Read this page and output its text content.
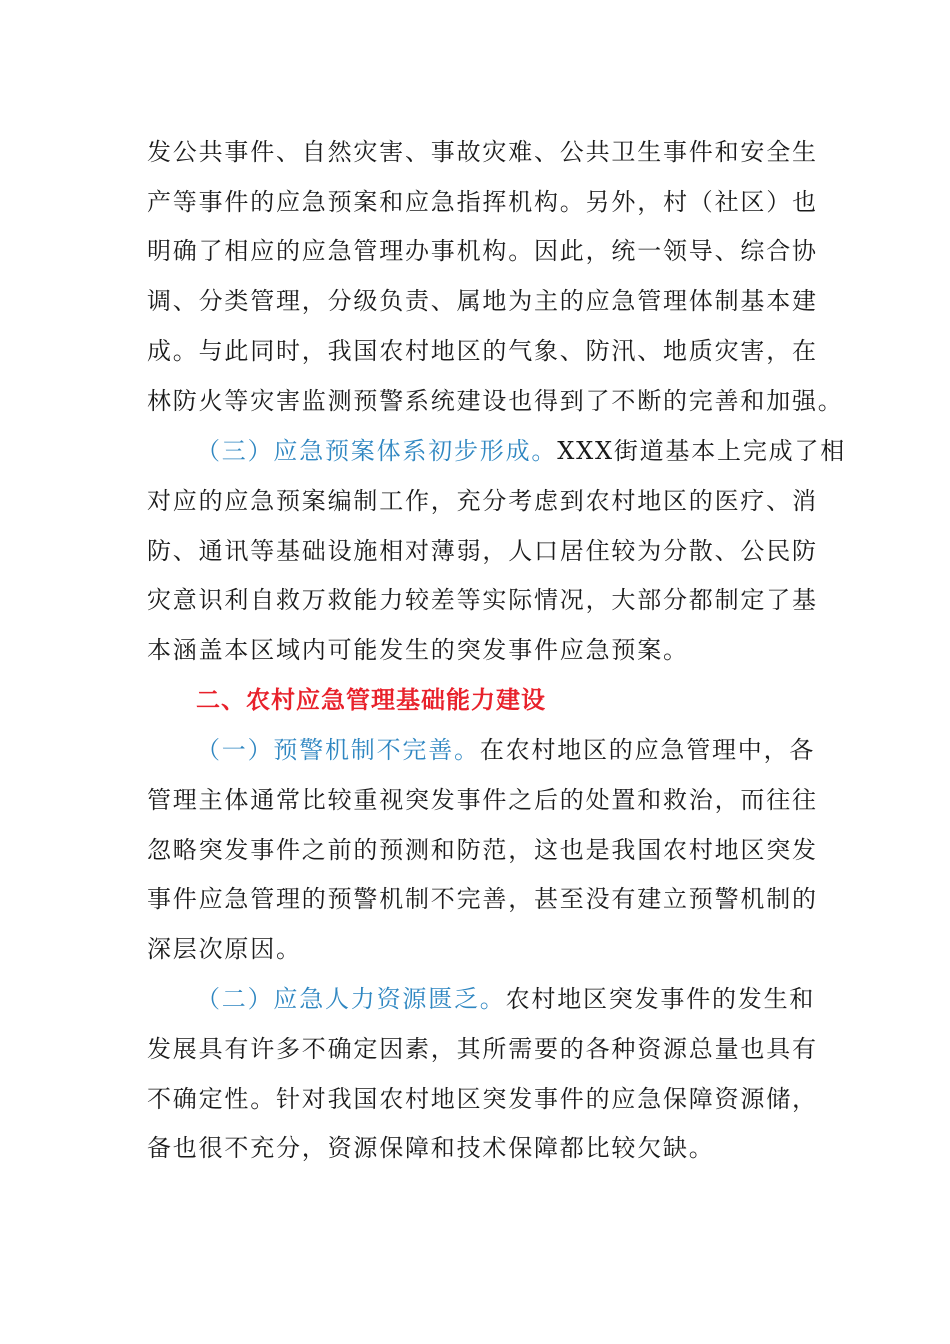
发公共事件、自然灾害、事故灾难、公共卫生事件和安全生
产等事件的应急预案和应急指挥机构。另外，村（社区）也
明确了相应的应急管理办事机构。因此，统一领导、综合协
调、分类管理，分级负责、属地为主的应急管理体制基本建
成。与此同时，我国农村地区的气象、防汛、地质灾害，在
林防火等灾害监测预警系统建设也得到了不断的完善和加强。
（三）应急预案体系初步形成。XXX街道基本上完成了相
对应的应急预案编制工作，充分考虑到农村地区的医疗、消
防、通讯等基础设施相对薄弱，人口居住较为分散、公民防
灾意识利自救万救能力较差等实际情况，大部分都制定了基
本涵盖本区域内可能发生的突发事件应急预案。
二、农村应急管理基础能力建设
（一）预警机制不完善。在农村地区的应急管理中，各
管理主体通常比较重视突发事件之后的处置和救治，而往往
忽略突发事件之前的预测和防范，这也是我国农村地区突发
事件应急管理的预警机制不完善，甚至没有建立预警机制的
深层次原因。
（二）应急人力资源匮乏。农村地区突发事件的发生和
发展具有许多不确定因素，其所需要的各种资源总量也具有
不确定性。针对我国农村地区突发事件的应急保障资源储，
备也很不充分，资源保障和技术保障都比较欠缺。
